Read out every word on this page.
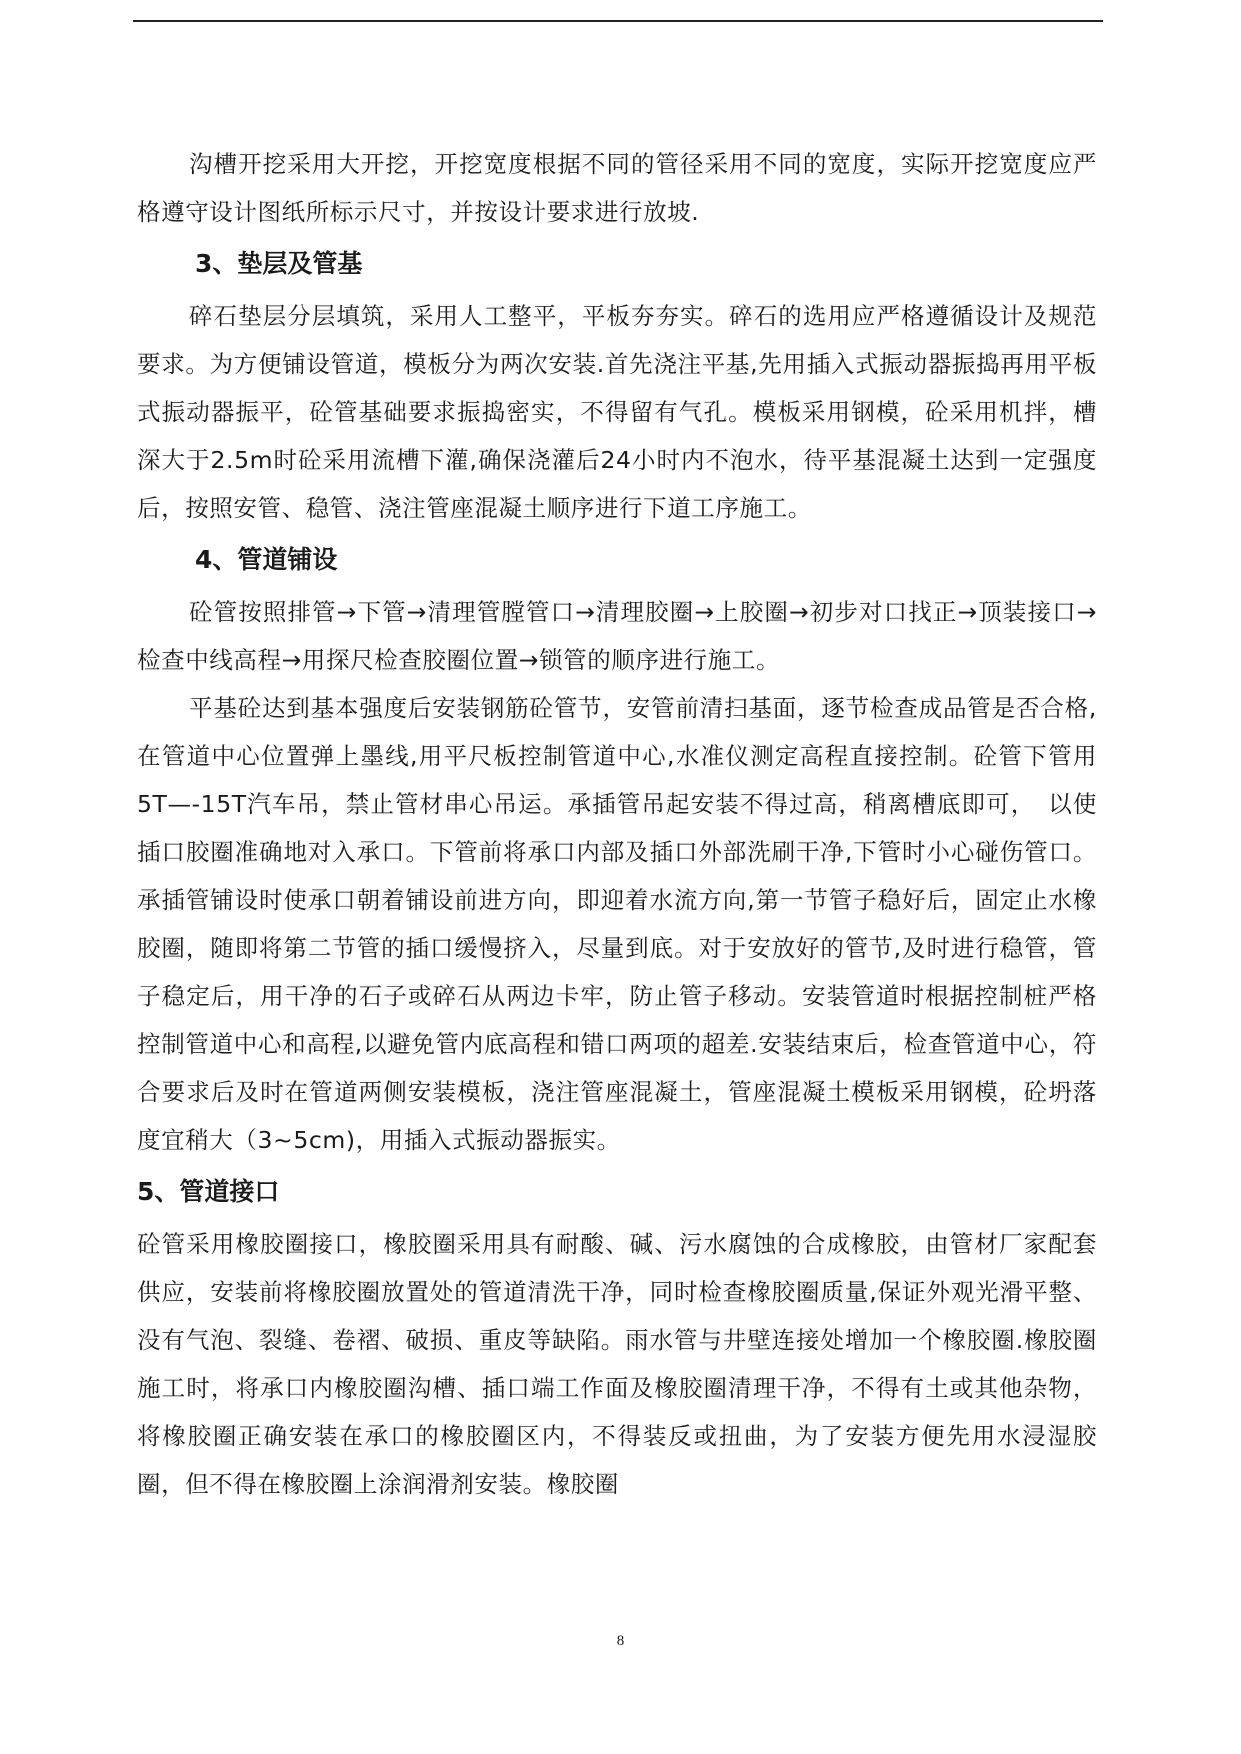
沟槽开挖采用大开挖，开挖宽度根据不同的管径采用不同的宽度，实际开挖宽度应严格遵守设计图纸所标示尺寸，并按设计要求进行放坡.

3、垫层及管基

碎石垫层分层填筑，采用人工整平，平板夯夯实。碎石的选用应严格遵循设计及规范要求。为方便铺设管道，模板分为两次安装.首先浇注平基,先用插入式振动器振捣再用平板式振动器振平，砼管基础要求振捣密实，不得留有气孔。模板采用钢模，砼采用机拌，槽深大于2.5m时砼采用流槽下灌,确保浇灌后24小时内不泡水，待平基混凝土达到一定强度后，按照安管、稳管、浇注管座混凝土顺序进行下道工序施工。

4、管道铺设

砼管按照排管→下管→清理管膛管口→清理胶圈→上胶圈→初步对口找正→顶装接口→检查中线高程→用探尺检查胶圈位置→锁管的顺序进行施工。

平基砼达到基本强度后安装钢筋砼管节，安管前清扫基面，逐节检查成品管是否合格,在管道中心位置弹上墨线,用平尺板控制管道中心,水准仪测定高程直接控制。砼管下管用5T—-15T汽车吊，禁止管材串心吊运。承插管吊起安装不得过高，稍离槽底即可，　以使插口胶圈准确地对入承口。下管前将承口内部及插口外部洗刷干净,下管时小心碰伤管口。承插管铺设时使承口朝着铺设前进方向，即迎着水流方向,第一节管子稳好后，固定止水橡胶圈，随即将第二节管的插口缓慢挤入，尽量到底。对于安放好的管节,及时进行稳管，管子稳定后，用干净的石子或碎石从两边卡牢，防止管子移动。安装管道时根据控制桩严格控制管道中心和高程,以避免管内底高程和错口两项的超差.安装结束后，检查管道中心，符合要求后及时在管道两侧安装模板，浇注管座混凝土，管座混凝土模板采用钢模，砼坍落度宜稍大（3~5cm)，用插入式振动器振实。

5、管道接口

砼管采用橡胶圈接口，橡胶圈采用具有耐酸、碱、污水腐蚀的合成橡胶，由管材厂家配套供应，安装前将橡胶圈放置处的管道清洗干净，同时检查橡胶圈质量,保证外观光滑平整、没有气泡、裂缝、卷褶、破损、重皮等缺陷。雨水管与井壁连接处增加一个橡胶圈.橡胶圈施工时，将承口内橡胶圈沟槽、插口端工作面及橡胶圈清理干净，不得有土或其他杂物，将橡胶圈正确安装在承口的橡胶圈区内，不得装反或扭曲，为了安装方便先用水浸湿胶圈，但不得在橡胶圈上涂润滑剂安装。橡胶圈

8
